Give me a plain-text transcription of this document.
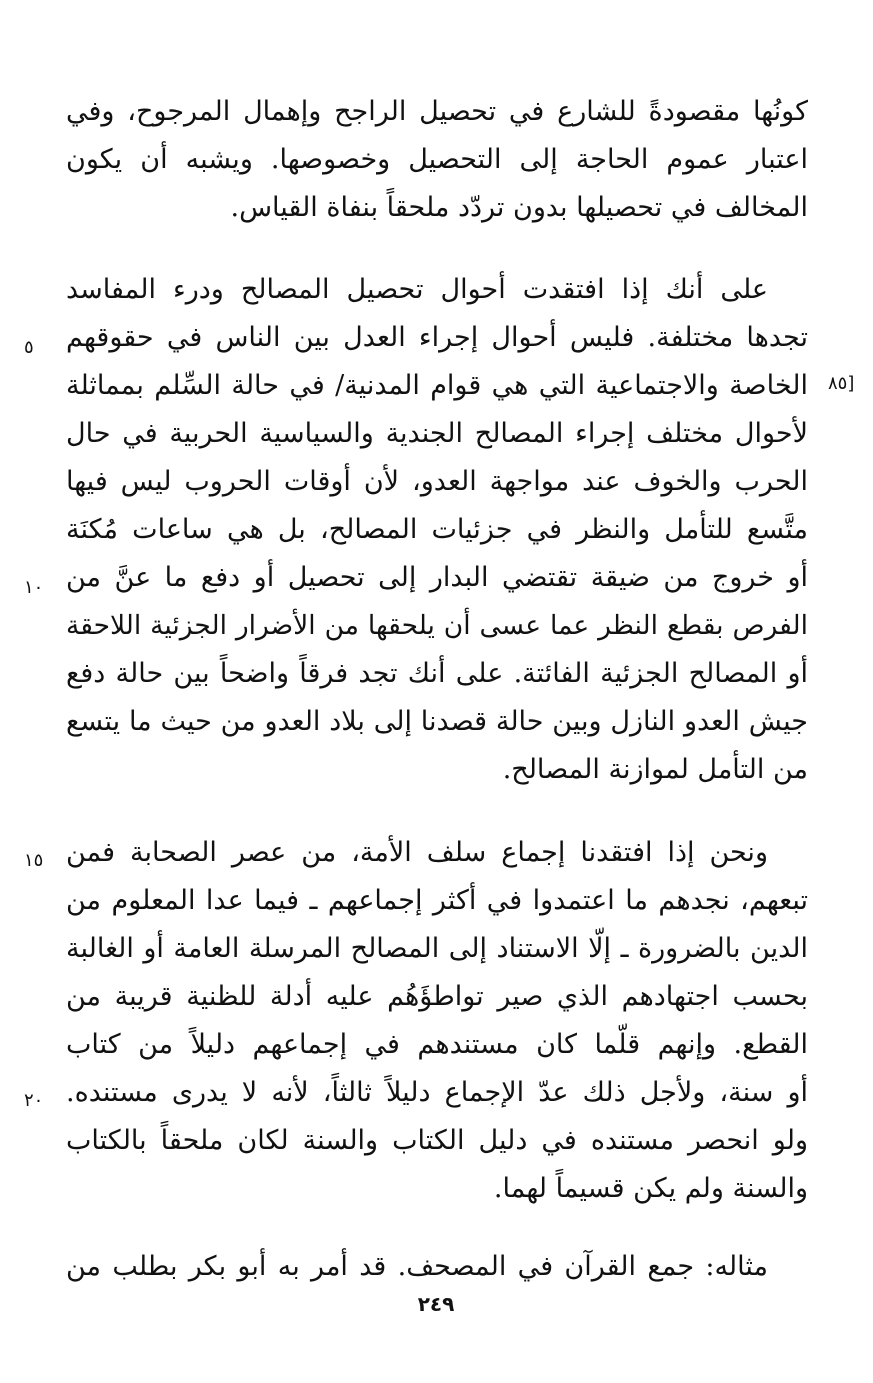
كونُها مقصودةً للشارع في تحصيل الراجح وإهمال المرجوح، وفي
اعتبار عموم الحاجة إلى التحصيل وخصوصها. ويشبه أن يكون
المخالف في تحصيلها بدون تردّد ملحقاً بنفاة القياس.
على أنك إذا افتقدت أحوال تحصيل المصالح ودرء المفاسد
تجدها مختلفة. فليس أحوال إجراء العدل بين الناس في حقوقهم
الخاصة والاجتماعية التي هي قوام المدنية/ في حالة السِّلم بمماثلة
لأحوال مختلف إجراء المصالح الجندية والسياسية الحربية في حال
الحرب والخوف عند مواجهة العدو، لأن أوقات الحروب ليس فيها
متَّسع للتأمل والنظر في جزئيات المصالح، بل هي ساعات مُكنَة
أو خروج من ضيقة تقتضي البدار إلى تحصيل أو دفع ما عنَّ من
الفرص بقطع النظر عما عسى أن يلحقها من الأضرار الجزئية اللاحقة
أو المصالح الجزئية الفائتة. على أنك تجد فرقاً واضحاً بين حالة دفع
جيش العدو النازل وبين حالة قصدنا إلى بلاد العدو من حيث ما يتسع
من التأمل لموازنة المصالح.
ونحن إذا افتقدنا إجماع سلف الأمة، من عصر الصحابة فمن
تبعهم، نجدهم ما اعتمدوا في أكثر إجماعهم ـ فيما عدا المعلوم من
الدين بالضرورة ـ إلّا الاستناد إلى المصالح المرسلة العامة أو الغالبة
بحسب اجتهادهم الذي صير تواطؤَهُم عليه أدلة للظنية قريبة من
القطع. وإنهم قلّما كان مستندهم في إجماعهم دليلاً من كتاب
أو سنة، ولأجل ذلك عدّ الإجماع دليلاً ثالثاً، لأنه لا يدرى مستنده.
ولو انحصر مستنده في دليل الكتاب والسنة لكان ملحقاً بالكتاب
والسنة ولم يكن قسيماً لهما.
مثاله: جمع القرآن في المصحف. قد أمر به أبو بكر بطلب من
٥
١٠
١٥
٢٠
[٨٥
٢٤٩
